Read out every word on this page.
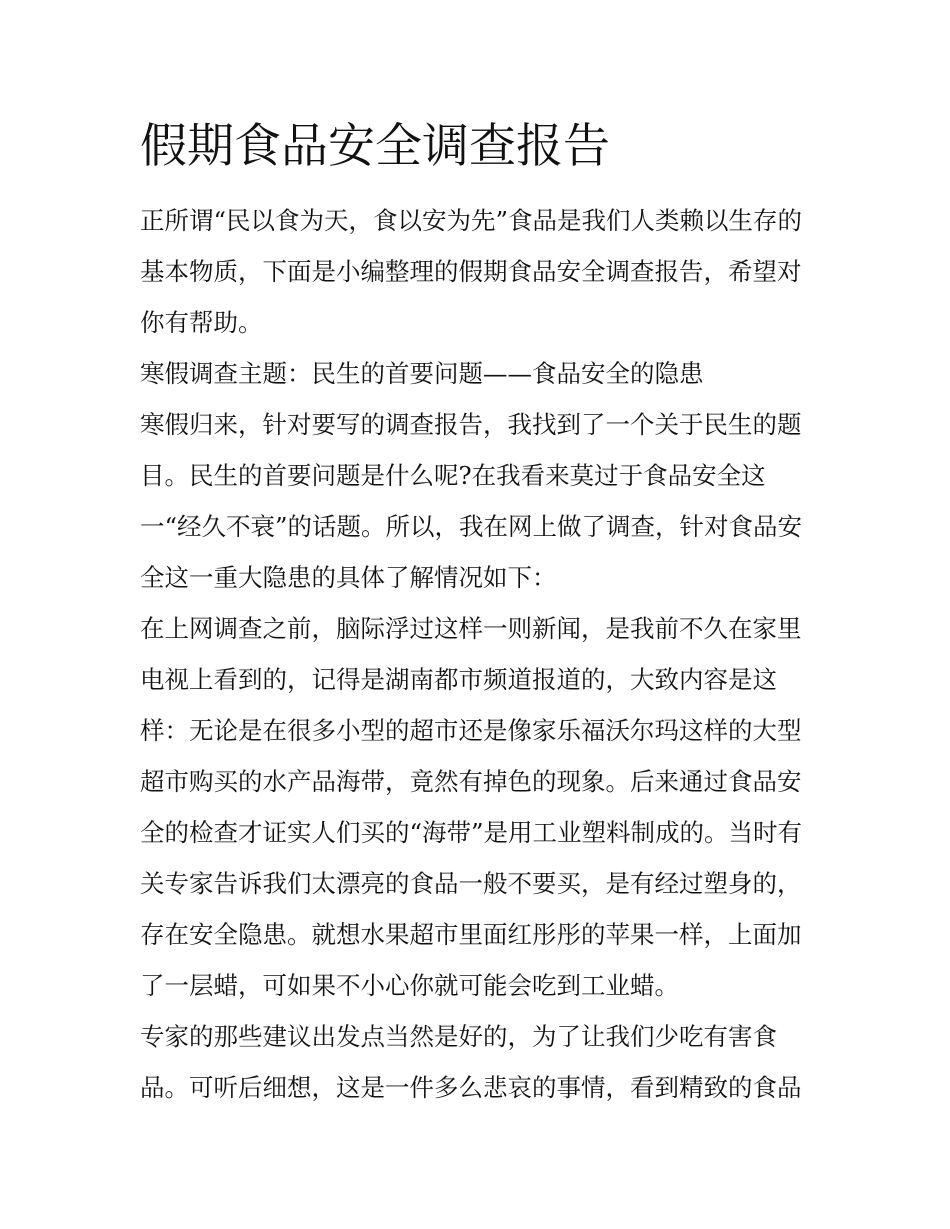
假期食品安全调查报告
正所谓“民以食为天，食以安为先”食品是我们人类赖以生存的
基本物质，下面是小编整理的假期食品安全调查报告，希望对
你有帮助。
寒假调查主题：民生的首要问题——食品安全的隐患
寒假归来，针对要写的调查报告，我找到了一个关于民生的题
目。民生的首要问题是什么呢?在我看来莫过于食品安全这
一“经久不衰”的话题。所以，我在网上做了调查，针对食品安
全这一重大隐患的具体了解情况如下：
在上网调查之前，脑际浮过这样一则新闻，是我前不久在家里
电视上看到的，记得是湖南都市频道报道的，大致内容是这
样：无论是在很多小型的超市还是像家乐福沃尔玛这样的大型
超市购买的水产品海带，竟然有掉色的现象。后来通过食品安
全的检查才证实人们买的“海带”是用工业塑料制成的。当时有
关专家告诉我们太漂亮的食品一般不要买，是有经过塑身的，
存在安全隐患。就想水果超市里面红彤彤的苹果一样，上面加
了一层蜡，可如果不小心你就可能会吃到工业蜡。
专家的那些建议出发点当然是好的，为了让我们少吃有害食
品。可听后细想，这是一件多么悲哀的事情，看到精致的食品
